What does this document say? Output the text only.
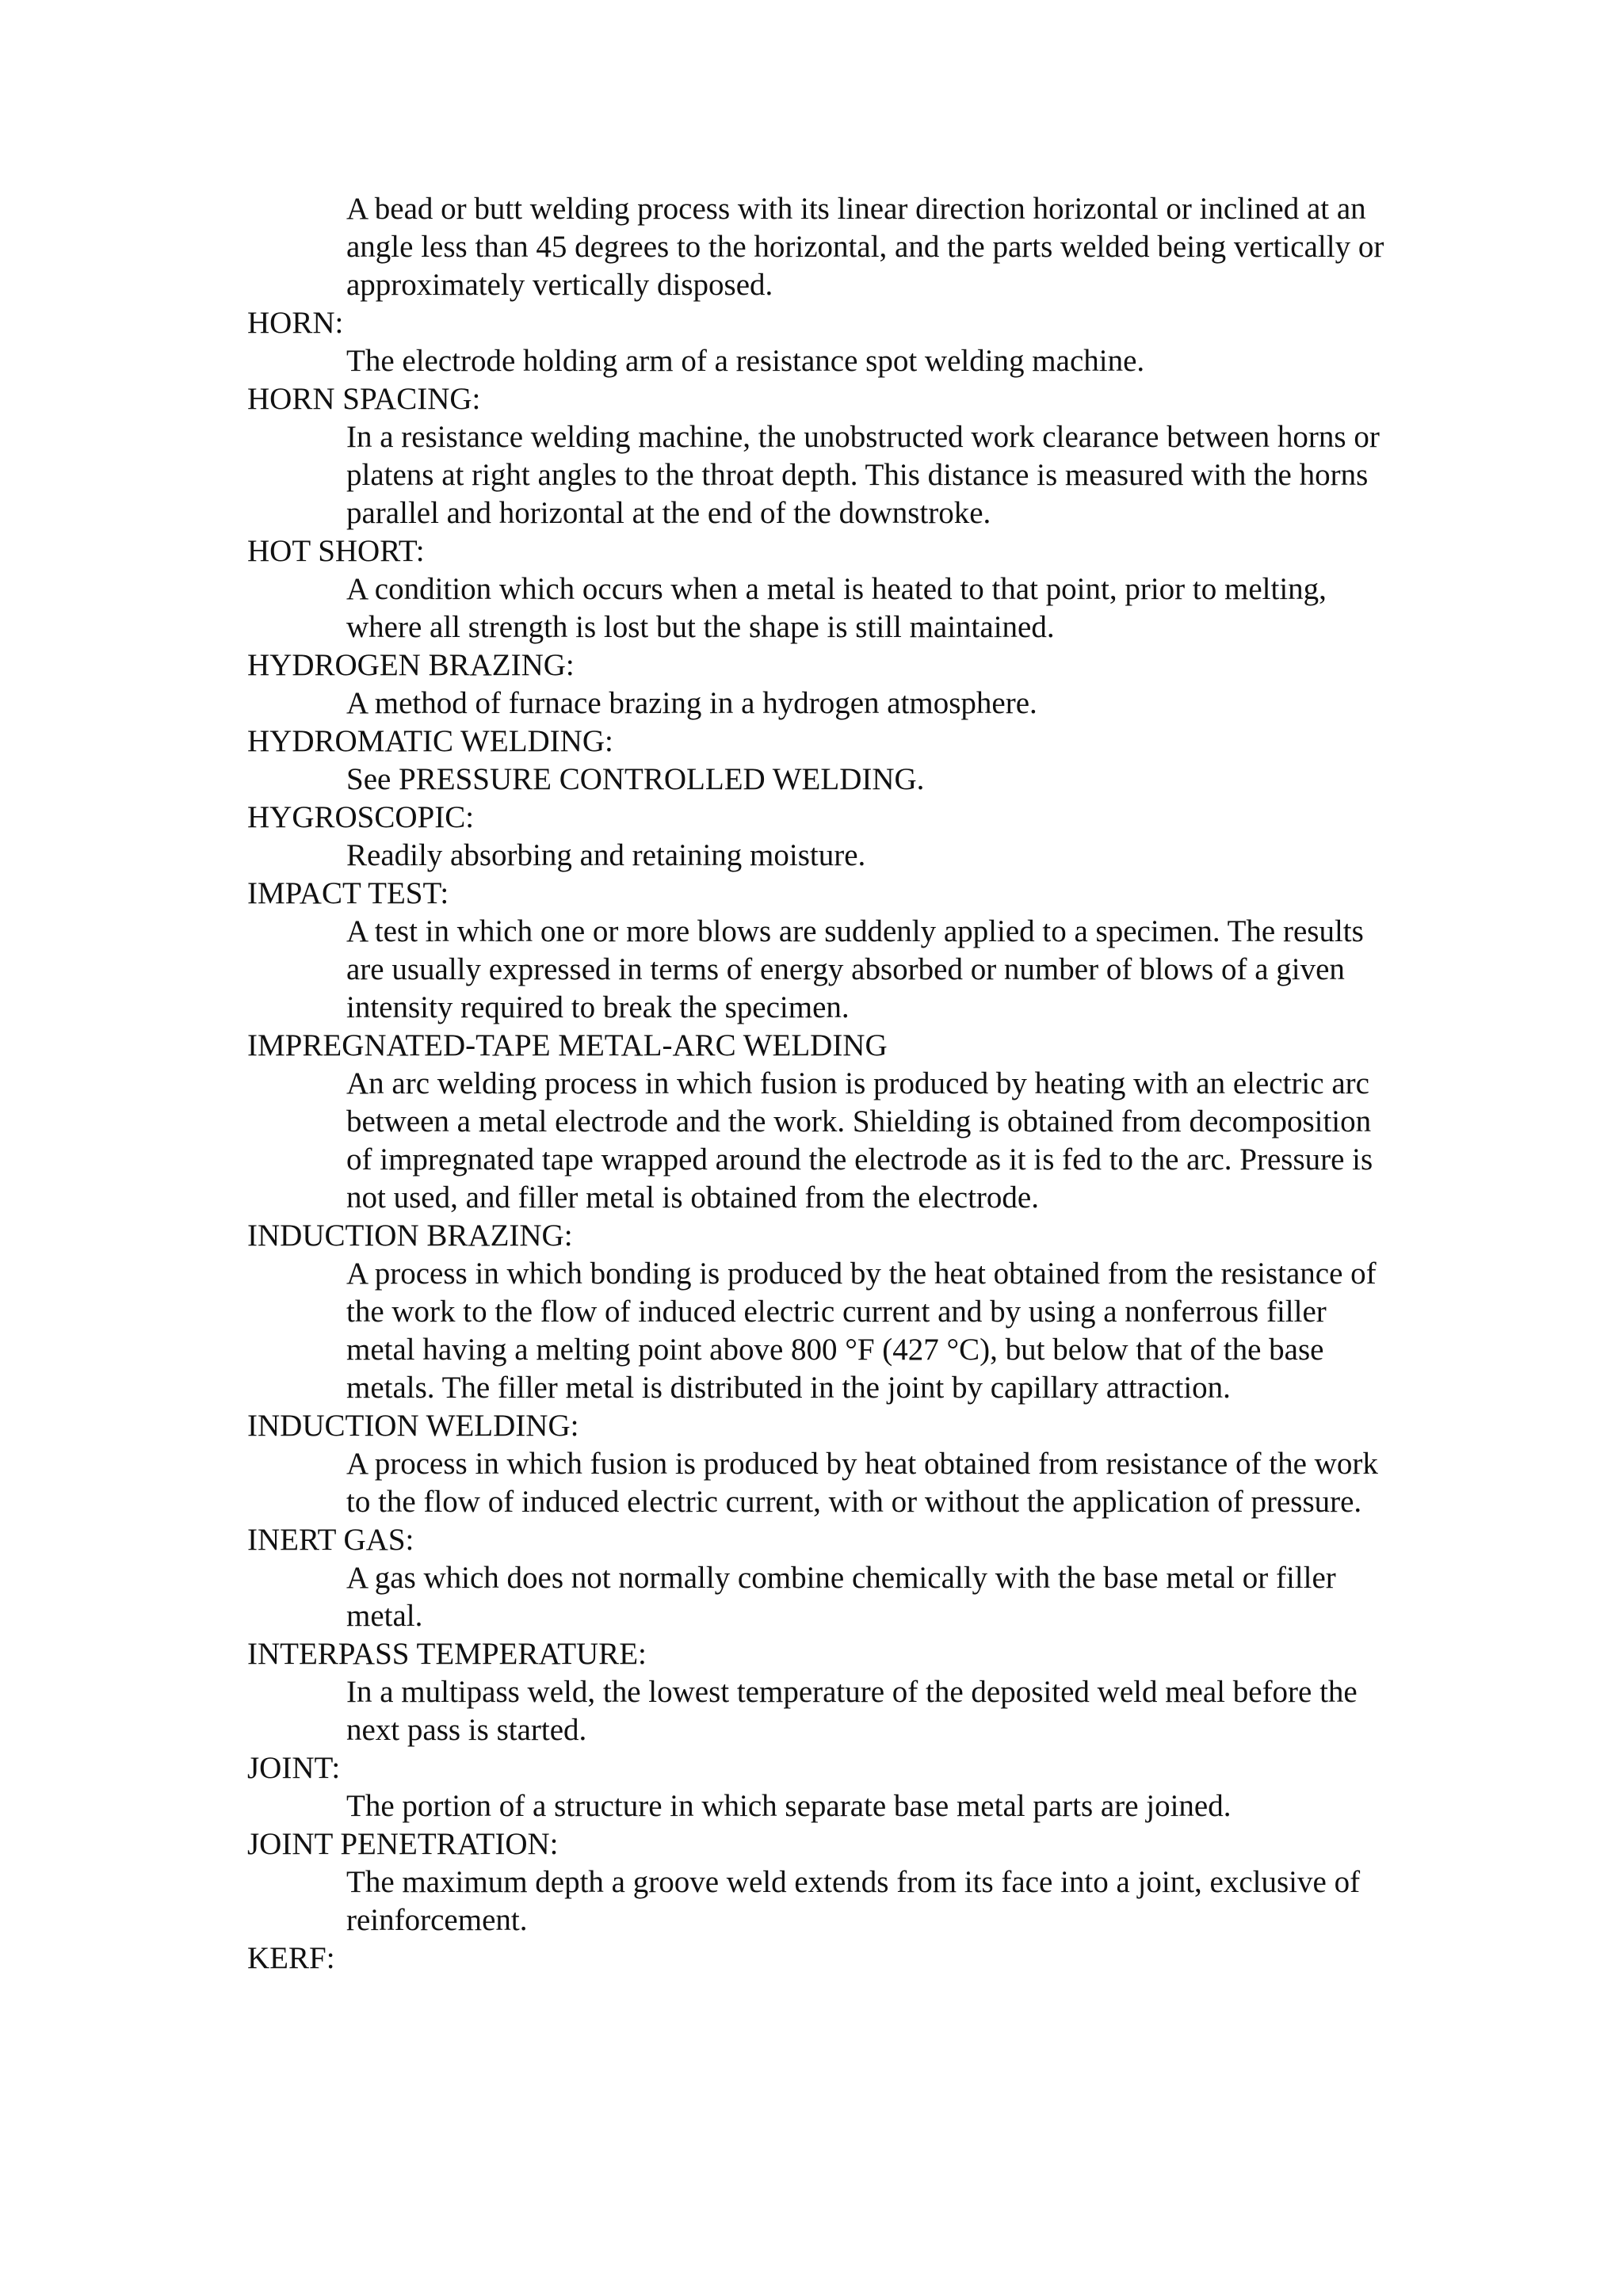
A bead or butt welding process with its linear direction horizontal or inclined at an angle less than 45 degrees to the horizontal, and the parts welded being vertically or approximately vertically disposed.
HORN:
The electrode holding arm of a resistance spot welding machine.
HORN SPACING:
In a resistance welding machine, the unobstructed work clearance between horns or platens at right angles to the throat depth. This distance is measured with the horns parallel and horizontal at the end of the downstroke.
HOT SHORT:
A condition which occurs when a metal is heated to that point, prior to melting, where all strength is lost but the shape is still maintained.
HYDROGEN BRAZING:
A method of furnace brazing in a hydrogen atmosphere.
HYDROMATIC WELDING:
See PRESSURE CONTROLLED WELDING.
HYGROSCOPIC:
Readily absorbing and retaining moisture.
IMPACT TEST:
A test in which one or more blows are suddenly applied to a specimen. The results are usually expressed in terms of energy absorbed or number of blows of a given intensity required to break the specimen.
IMPREGNATED-TAPE METAL-ARC WELDING
An arc welding process in which fusion is produced by heating with an electric arc between a metal electrode and the work. Shielding is obtained from decomposition of impregnated tape wrapped around the electrode as it is fed to the arc. Pressure is not used, and filler metal is obtained from the electrode.
INDUCTION BRAZING:
A process in which bonding is produced by the heat obtained from the resistance of the work to the flow of induced electric current and by using a nonferrous filler metal having a melting point above 800 °F (427 °C), but below that of the base metals. The filler metal is distributed in the joint by capillary attraction.
INDUCTION WELDING:
A process in which fusion is produced by heat obtained from resistance of the work to the flow of induced electric current, with or without the application of pressure.
INERT GAS:
A gas which does not normally combine chemically with the base metal or filler metal.
INTERPASS TEMPERATURE:
In a multipass weld, the lowest temperature of the deposited weld meal before the next pass is started.
JOINT:
The portion of a structure in which separate base metal parts are joined.
JOINT PENETRATION:
The maximum depth a groove weld extends from its face into a joint, exclusive of reinforcement.
KERF:
